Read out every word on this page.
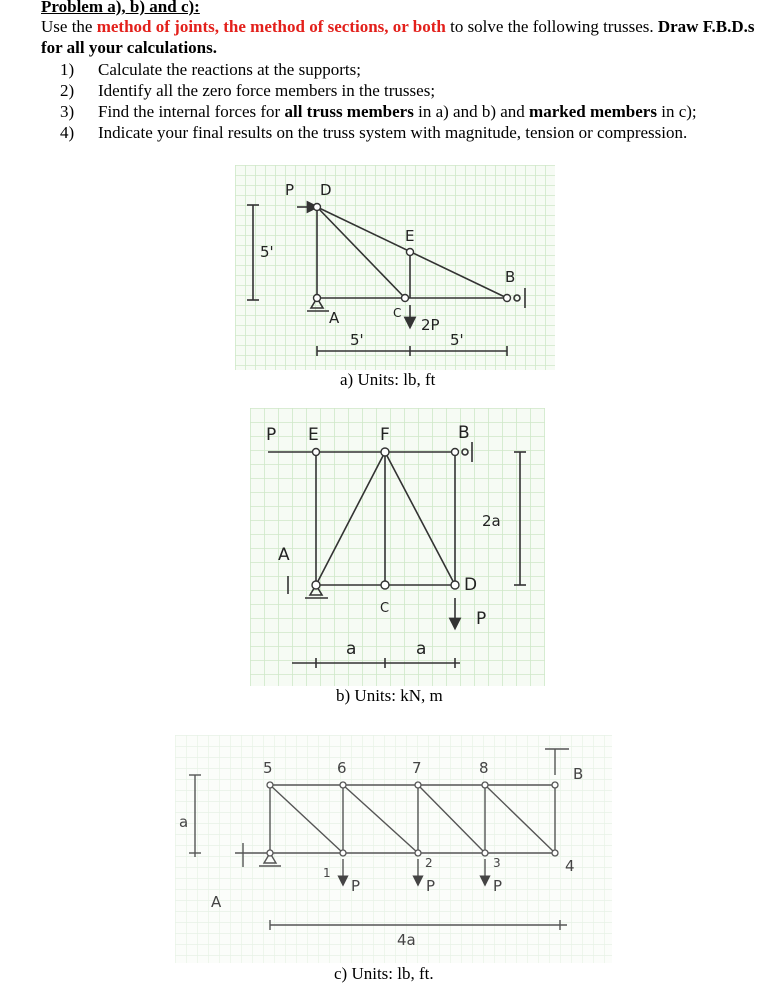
Problem a), b) and c):
Use the method of joints, the method of sections, or both to solve the following trusses. Draw F.B.D.s for all your calculations.
1)	Calculate the reactions at the supports;
2)	Identify all the zero force members in the trusses;
3)	Find the internal forces for all truss members in a) and b) and marked members in c);
4)	Indicate your final results on the truss system with magnitude, tension or compression.
P D
E
B
A	C
2P
5'
5'	5'
a) Units: lb, ft
P E	F	B
A
C
D
P
2a
a	a
b) Units: kN, m
5	6	7	8	B
A
1
2	3	4
a
4a
P	P	P
c) Units: lb, ft.
